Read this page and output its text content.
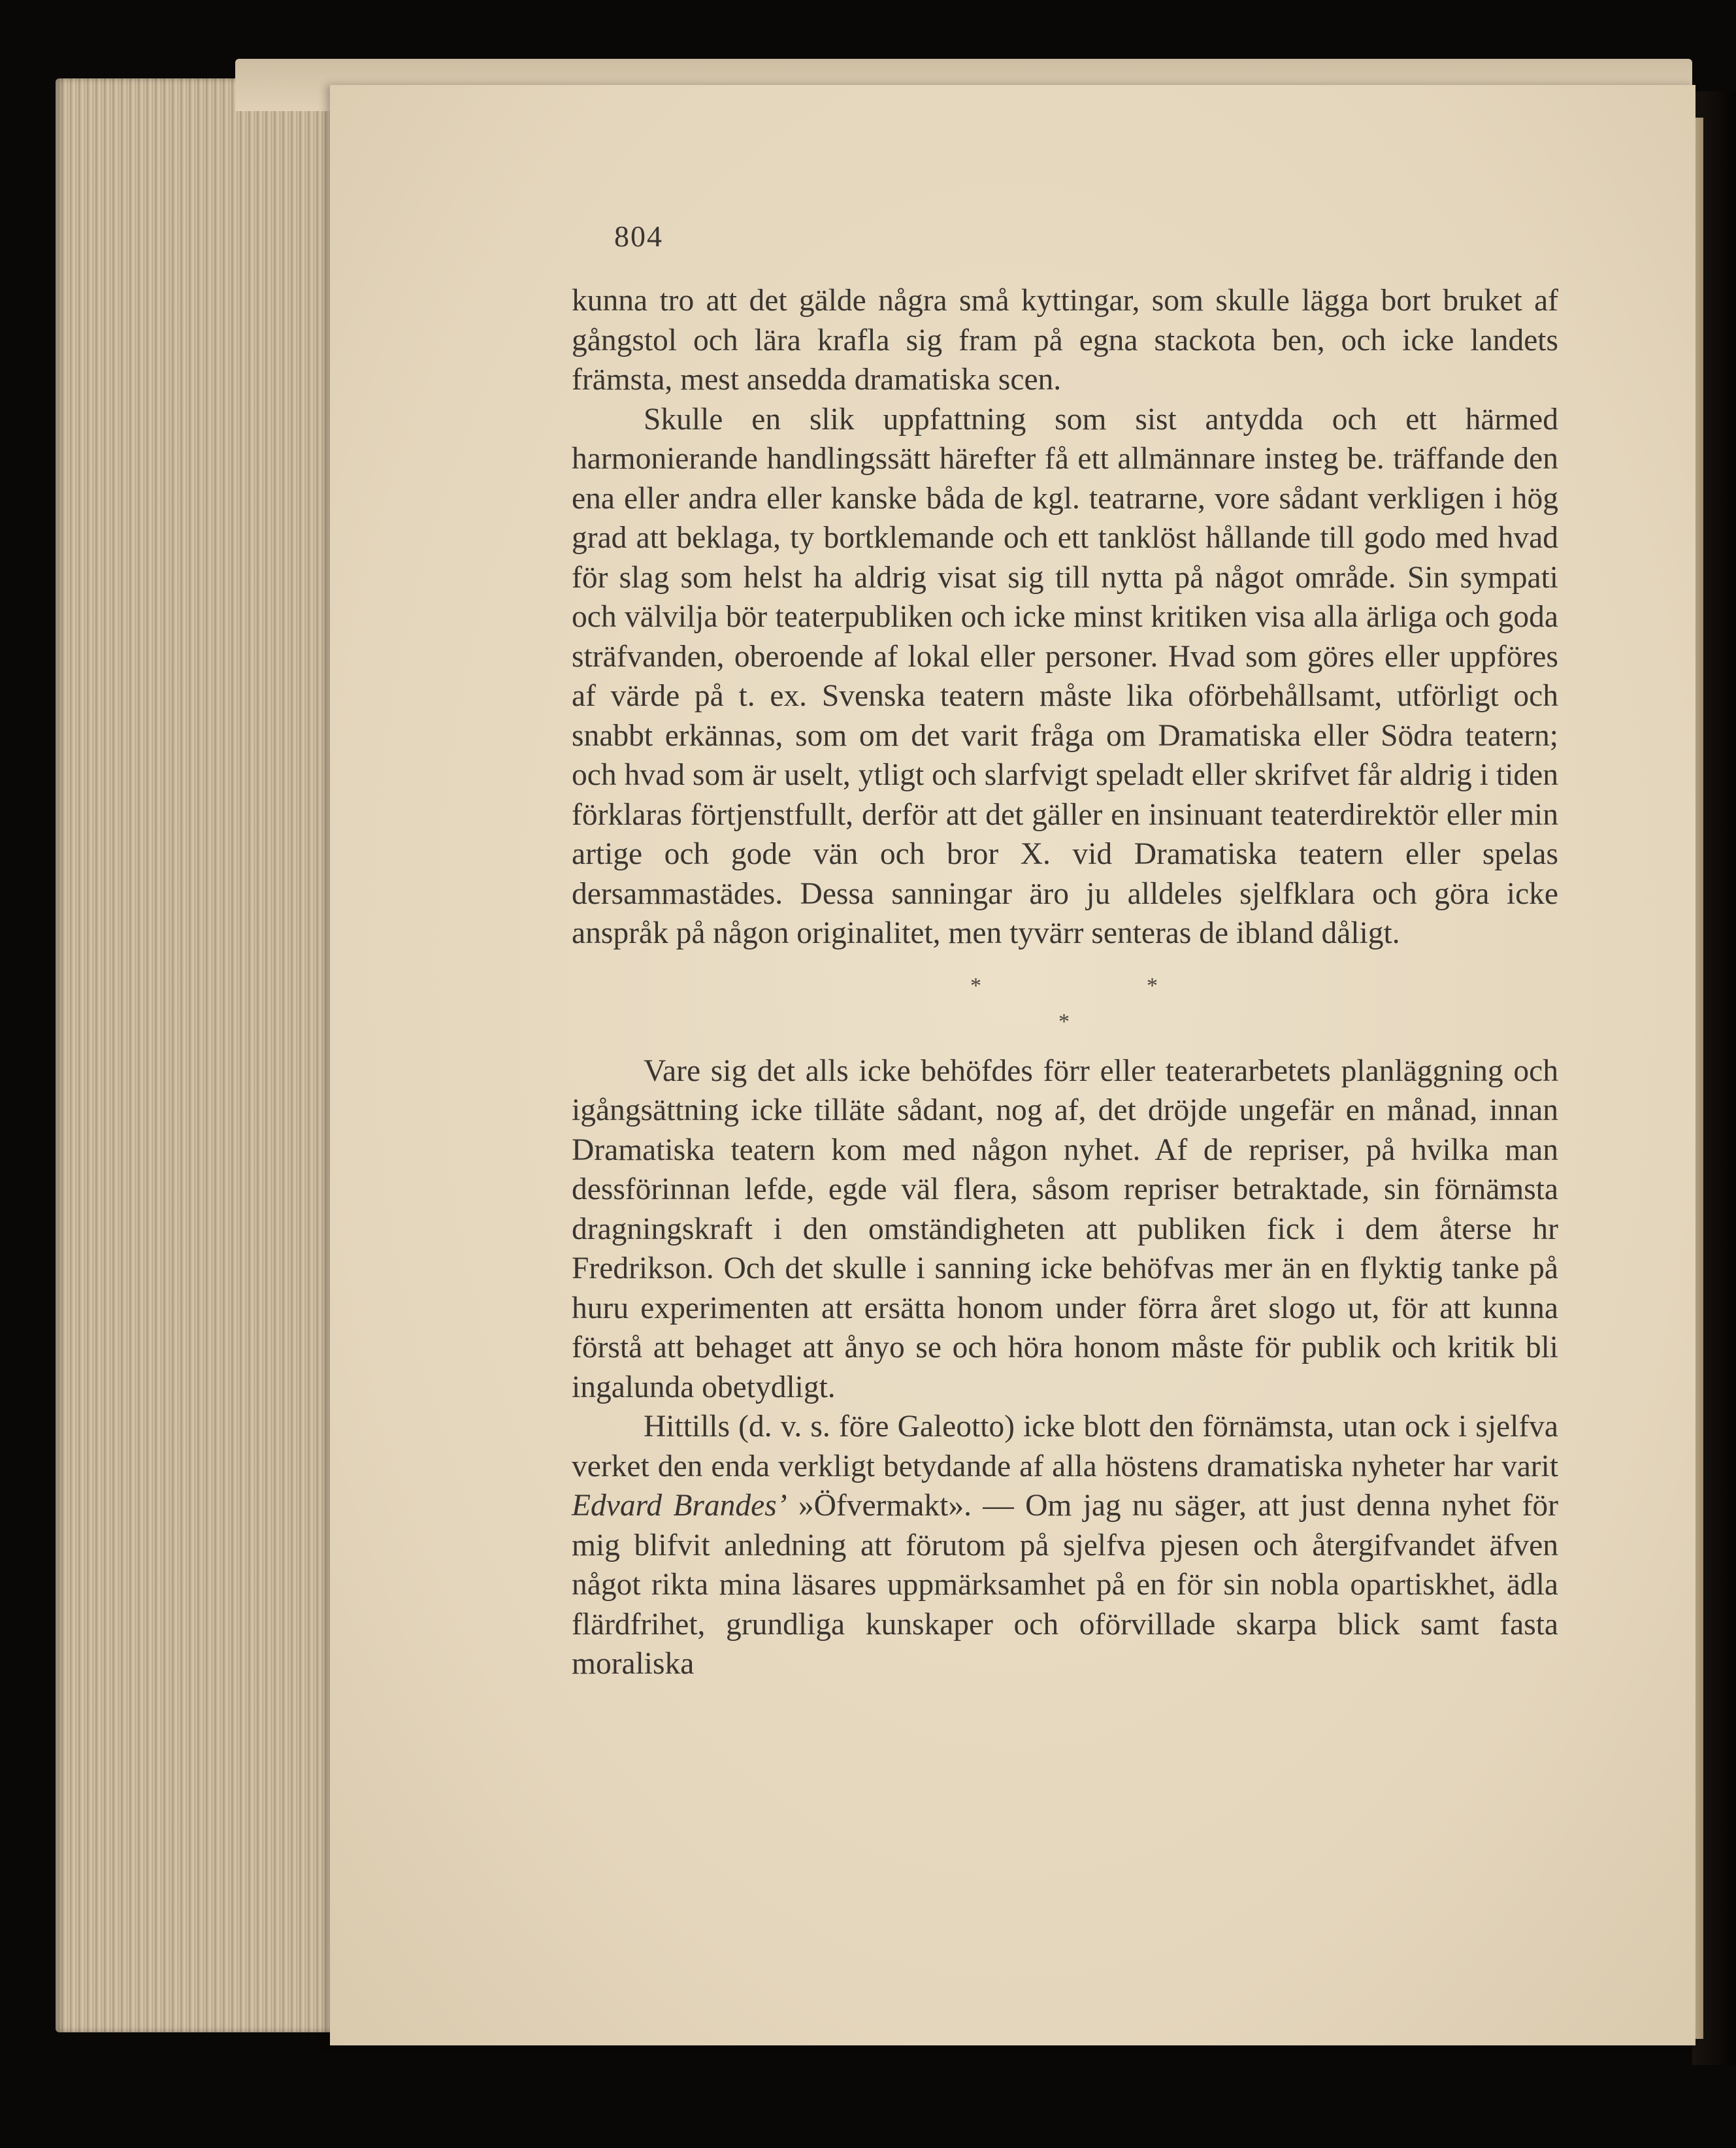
804

kunna tro att det gälde några små kyttingar, som skulle lägga bort bruket af gångstol och lära krafla sig fram på egna stackota ben, och icke landets främsta, mest ansedda dramatiska scen.

Skulle en slik uppfattning som sist antydda och ett härmed harmonierande handlingssätt härefter få ett allmännare insteg be. träffande den ena eller andra eller kanske båda de kgl. teatrarne, vore sådant verkligen i hög grad att beklaga, ty bortklemande och ett tanklöst hållande till godo med hvad för slag som helst ha aldrig visat sig till nytta på något område. Sin sympati och välvilja bör teaterpubliken och icke minst kritiken visa alla ärliga och goda sträfvanden, oberoende af lokal eller personer. Hvad som göres eller uppföres af värde på t. ex. Svenska teatern måste lika oförbehållsamt, utförligt och snabbt erkännas, som om det varit fråga om Dramatiska eller Södra teatern; och hvad som är uselt, ytligt och slarfvigt speladt eller skrifvet får aldrig i tiden förklaras förtjenstfullt, derför att det gäller en insinuant teaterdirektör eller min artige och gode vän och bror X. vid Dramatiska teatern eller spelas dersammastädes. Dessa sanningar äro ju alldeles sjelfklara och göra icke anspråk på någon originalitet, men tyvärr senteras de ibland dåligt.

*	*
*

Vare sig det alls icke behöfdes förr eller teaterarbetets planläggning och igångsättning icke tilläte sådant, nog af, det dröjde ungefär en månad, innan Dramatiska teatern kom med någon nyhet. Af de repriser, på hvilka man dessförinnan lefde, egde väl flera, såsom repriser betraktade, sin förnämsta dragningskraft i den omständigheten att publiken fick i dem återse hr Fredrikson. Och det skulle i sanning icke behöfvas mer än en flyktig tanke på huru experimenten att ersätta honom under förra året slogo ut, för att kunna förstå att behaget att ånyo se och höra honom måste för publik och kritik bli ingalunda obetydligt.

Hittills (d. v. s. före Galeotto) icke blott den förnämsta, utan ock i sjelfva verket den enda verkligt betydande af alla höstens dramatiska nyheter har varit Edvard Brandes’ »Öfvermakt». — Om jag nu säger, att just denna nyhet för mig blifvit anledning att förutom på sjelfva pjesen och återgifvandet äfven något rikta mina läsares uppmärksamhet på en för sin nobla opartiskhet, ädla flärdfrihet, grundliga kunskaper och oförvillade skarpa blick samt fasta moraliska
